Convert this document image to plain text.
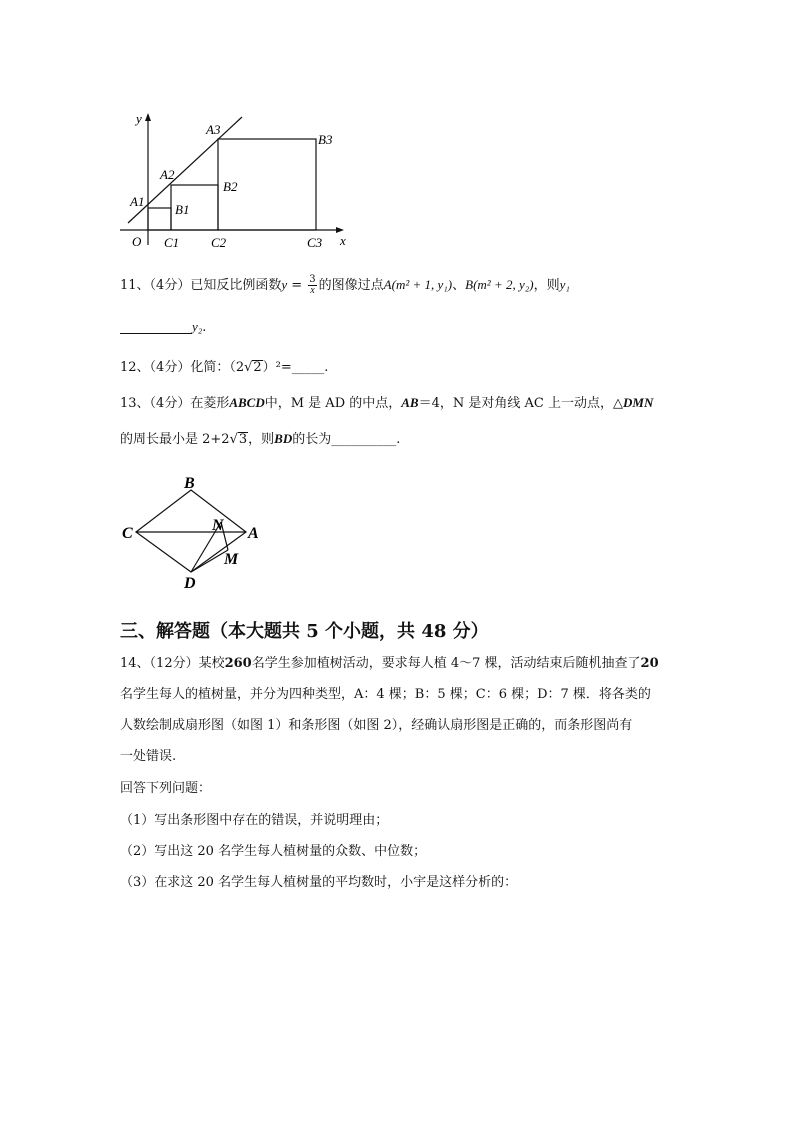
y
x
O
A1
A2
A3
B1
B2
B3
C1 C2	C3
11、（4分）已知反比例函数$y = \frac{3}{x}$ 的图像过点A(m² + 1, y₁)、B(m² + 2, y₂)，则y₁
y₂.
12、（4分）化简：（2√2）²=_____.
13、（4分）在菱形ABCD中，M 是 AD 的中点，AB＝4，N 是对角线 AC 上一动点，△DMN
的周长最小是 2+2√3，则BD的长为__________.
B
C	N A
M
D
三、解答题（本大题共 5 个小题，共 48 分）
14、（12分）某校260名学生参加植树活动，要求每人植 4～7 棵，活动结束后随机抽查了20
名学生每人的植树量，并分为四种类型，A：4 棵；B：5 棵；C：6 棵；D：7 棵．将各类的
人数绘制成扇形图（如图 1）和条形图（如图 2），经确认扇形图是正确的，而条形图尚有
一处错误.
回答下列问题：
（1）写出条形图中存在的错误，并说明理由；
（2）写出这 20 名学生每人植树量的众数、中位数；
（3）在求这 20 名学生每人植树量的平均数时，小宇是这样分析的：
